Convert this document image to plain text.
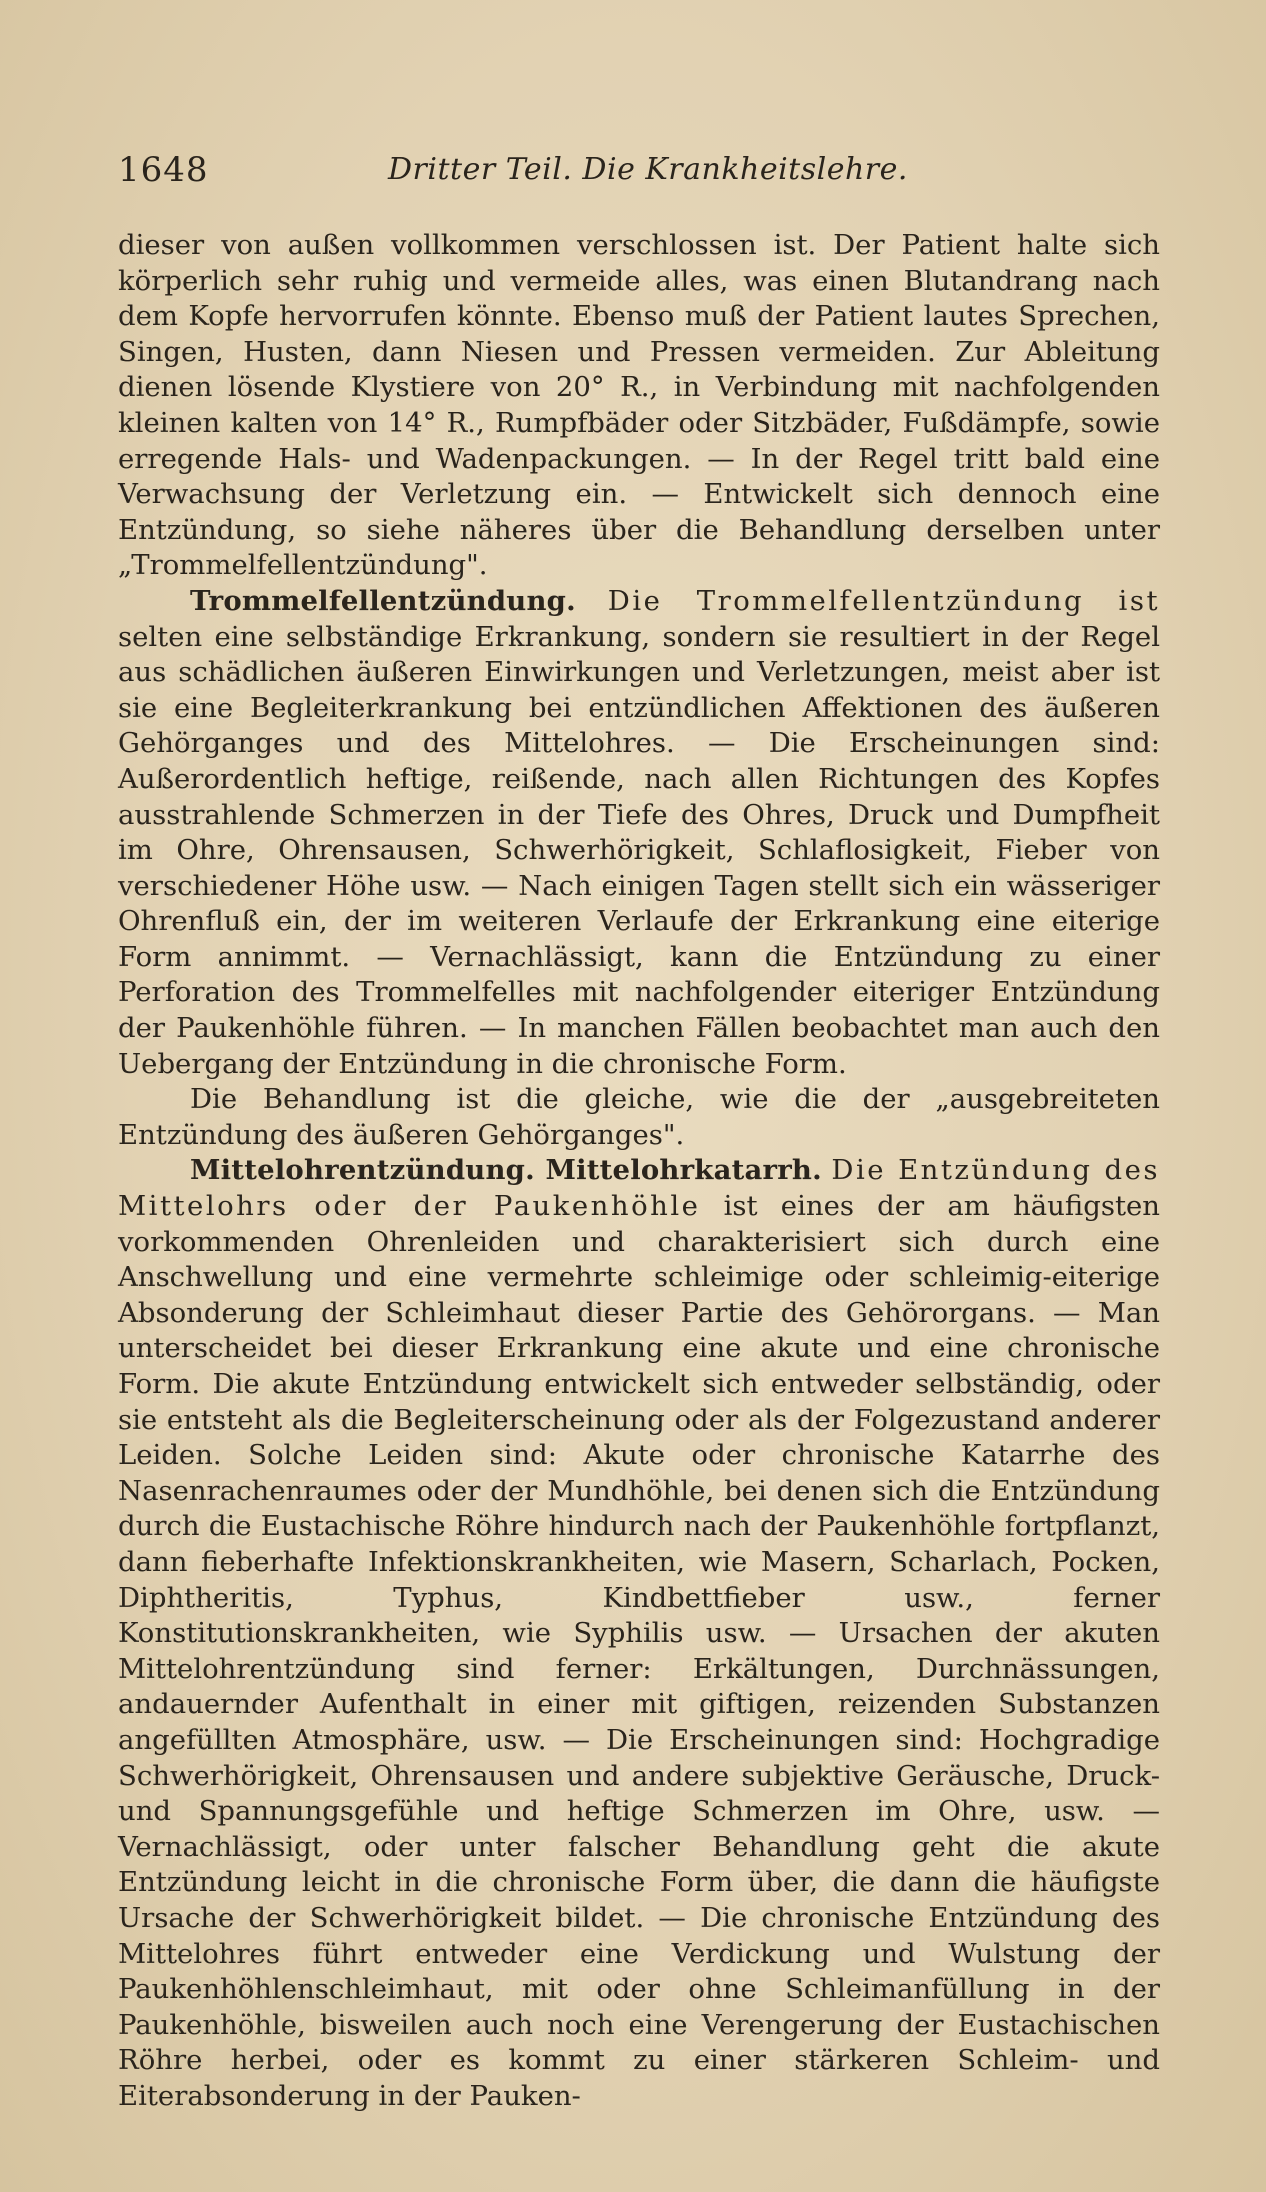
1648	Dritter Teil. Die Krankheitslehre.

dieser von außen vollkommen verschlossen ist. Der Patient halte sich körperlich sehr ruhig und vermeide alles, was einen Blutandrang nach dem Kopfe hervorrufen könnte. Ebenso muß der Patient lautes Sprechen, Singen, Husten, dann Niesen und Pressen vermeiden. Zur Ableitung dienen lösende Klystiere von 20° R., in Verbindung mit nachfolgenden kleinen kalten von 14° R., Rumpfbäder oder Sitzbäder, Fußdämpfe, sowie erregende Hals- und Wadenpackungen. — In der Regel tritt bald eine Verwachsung der Verletzung ein. — Entwickelt sich dennoch eine Entzündung, so siehe näheres über die Behandlung derselben unter „Trommelfellentzündung".

Trommelfellentzündung. Die Trommelfellentzündung ist selten eine selbständige Erkrankung, sondern sie resultiert in der Regel aus schädlichen äußeren Einwirkungen und Verletzungen, meist aber ist sie eine Begleiterkrankung bei entzündlichen Affektionen des äußeren Gehörganges und des Mittelohres. — Die Erscheinungen sind: Außerordentlich heftige, reißende, nach allen Richtungen des Kopfes ausstrahlende Schmerzen in der Tiefe des Ohres, Druck und Dumpfheit im Ohre, Ohrensausen, Schwerhörigkeit, Schlaflosigkeit, Fieber von verschiedener Höhe usw. — Nach einigen Tagen stellt sich ein wässeriger Ohrenfluß ein, der im weiteren Verlaufe der Erkrankung eine eiterige Form annimmt. — Vernachlässigt, kann die Entzündung zu einer Perforation des Trommelfelles mit nachfolgender eiteriger Entzündung der Paukenhöhle führen. — In manchen Fällen beobachtet man auch den Uebergang der Entzündung in die chronische Form.

Die Behandlung ist die gleiche, wie die der „ausgebreiteten Entzündung des äußeren Gehörganges".

Mittelohrentzündung. Mittelohrkatarrh. Die Entzündung des Mittelohrs oder der Paukenhöhle ist eines der am häufigsten vorkommenden Ohrenleiden und charakterisiert sich durch eine Anschwellung und eine vermehrte schleimige oder schleimig-eiterige Absonderung der Schleimhaut dieser Partie des Gehörorgans. — Man unterscheidet bei dieser Erkrankung eine akute und eine chronische Form. Die akute Entzündung entwickelt sich entweder selbständig, oder sie entsteht als die Begleiterscheinung oder als der Folgezustand anderer Leiden. Solche Leiden sind: Akute oder chronische Katarrhe des Nasenrachenraumes oder der Mundhöhle, bei denen sich die Entzündung durch die Eustachische Röhre hindurch nach der Paukenhöhle fortpflanzt, dann fieberhafte Infektionskrankheiten, wie Masern, Scharlach, Pocken, Diphtheritis, Typhus, Kindbettfieber usw., ferner Konstitutionskrankheiten, wie Syphilis usw. — Ursachen der akuten Mittelohrentzündung sind ferner: Erkältungen, Durchnässungen, andauernder Aufenthalt in einer mit giftigen, reizenden Substanzen angefüllten Atmosphäre, usw. — Die Erscheinungen sind: Hochgradige Schwerhörigkeit, Ohrensausen und andere subjektive Geräusche, Druck- und Spannungsgefühle und heftige Schmerzen im Ohre, usw. — Vernachlässigt, oder unter falscher Behandlung geht die akute Entzündung leicht in die chronische Form über, die dann die häufigste Ursache der Schwerhörigkeit bildet. — Die chronische Entzündung des Mittelohres führt entweder eine Verdickung und Wulstung der Paukenhöhlenschleimhaut, mit oder ohne Schleimanfüllung in der Paukenhöhle, bisweilen auch noch eine Verengerung der Eustachischen Röhre herbei, oder es kommt zu einer stärkeren Schleim- und Eiterabsonderung in der Pauken-
